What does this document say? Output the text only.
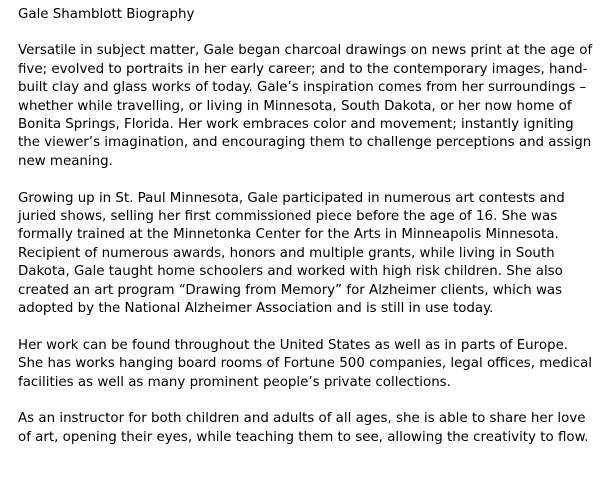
Gale Shamblott Biography

Versatile in subject matter, Gale began charcoal drawings on news print at the age of five; evolved to portraits in her early career; and to the contemporary images, hand-built clay and glass works of today. Gale’s inspiration comes from her surroundings – whether while travelling, or living in Minnesota, South Dakota, or her now home of Bonita Springs, Florida. Her work embraces color and movement; instantly igniting the viewer’s imagination, and encouraging them to challenge perceptions and assign new meaning.

Growing up in St. Paul Minnesota, Gale participated in numerous art contests and juried shows, selling her first commissioned piece before the age of 16. She was formally trained at the Minnetonka Center for the Arts in Minneapolis Minnesota. Recipient of numerous awards, honors and multiple grants, while living in South Dakota, Gale taught home schoolers and worked with high risk children. She also created an art program “Drawing from Memory” for Alzheimer clients, which was adopted by the National Alzheimer Association and is still in use today.

Her work can be found throughout the United States as well as in parts of Europe. She has works hanging board rooms of Fortune 500 companies, legal offices, medical facilities as well as many prominent people’s private collections.

As an instructor for both children and adults of all ages, she is able to share her love of art, opening their eyes, while teaching them to see, allowing the creativity to flow.
